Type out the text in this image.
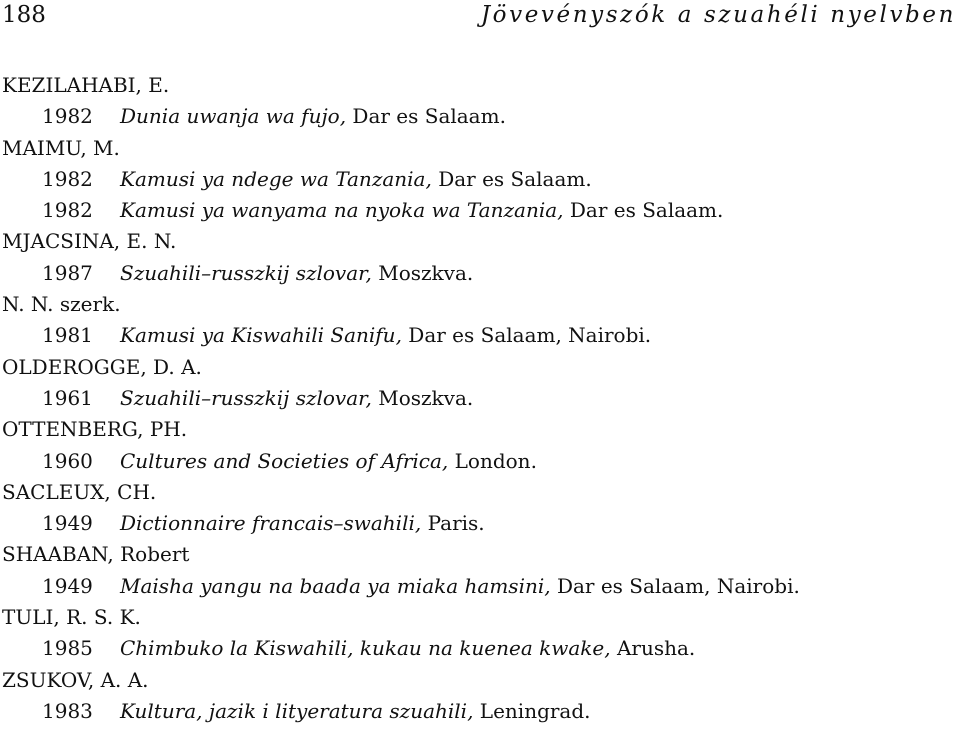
188	Jövevényszók a szuahéli nyelvben
KEZILAHABI, E.
1982 Dunia uwanja wa fujo, Dar es Salaam.
MAIMU, M.
1982 Kamusi ya ndege wa Tanzania, Dar es Salaam.
1982 Kamusi ya wanyama na nyoka wa Tanzania, Dar es Salaam.
MJACSINA, E. N.
1987 Szuahili–russzkij szlovar, Moszkva.
N. N. szerk.
1981 Kamusi ya Kiswahili Sanifu, Dar es Salaam, Nairobi.
OLDEROGGE, D. A.
1961 Szuahili–russzkij szlovar, Moszkva.
OTTENBERG, PH.
1960 Cultures and Societies of Africa, London.
SACLEUX, CH.
1949 Dictionnaire francais–swahili, Paris.
SHAABAN, Robert
1949 Maisha yangu na baada ya miaka hamsini, Dar es Salaam, Nairobi.
TULI, R. S. K.
1985 Chimbuko la Kiswahili, kukau na kuenea kwake, Arusha.
ZSUKOV, A. A.
1983 Kultura, jazik i lityeratura szuahili, Leningrad.
